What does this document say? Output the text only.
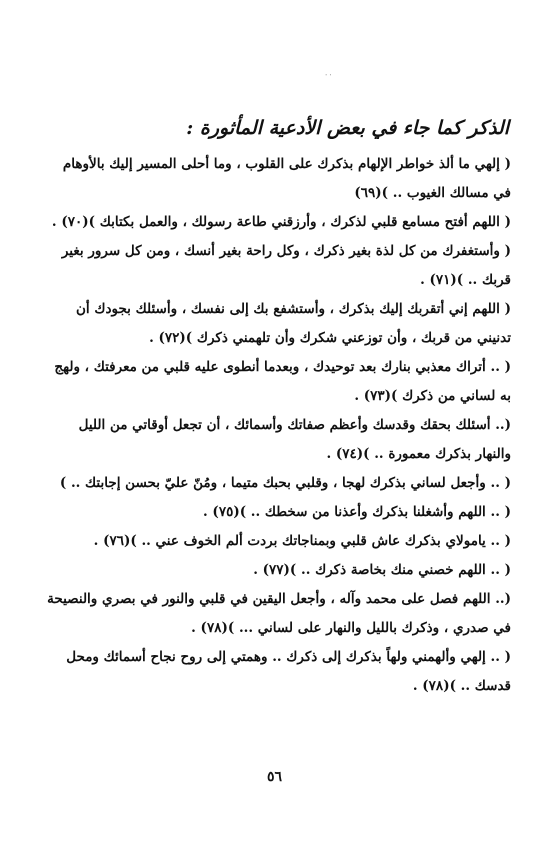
٠٠
الذكر كما جاء في بعض الأدعية المأثورة :
( إلهي ما ألذ خواطر الإلهام بذكرك على القلوب ، وما أحلى المسير إليك بالأوهام
في مسالك الغيوب .. )(٦٩)
( اللهم أفتح مسامع قلبي لذكرك ، وأرزقني طاعة رسولك ، والعمل بكتابك )(٧٠) .
( وأستغفرك من كل لذة بغير ذكرك ، وكل راحة بغير أنسك ، ومن كل سرور بغير
قربك .. )(٧١) .
( اللهم إني أتقربك إليك بذكرك ، وأستشفع بك إلى نفسك ، وأسئلك بجودك أن
تدنيني من قربك ، وأن توزعني شكرك وأن تلهمني ذكرك )(٧٢) .
( .. أتراك معذبي بنارك بعد توحيدك ، وبعدما أنطوى عليه قلبي من معرفتك ، ولهج
به لساني من ذكرك )(٧٣) .
(.. أسئلك بحقك وقدسك وأعظم صفاتك وأسمائك ، أن تجعل أوقاتي من الليل
والنهار بذكرك معمورة .. )(٧٤) .
( .. وأجعل لساني بذكرك لهجا ، وقلبي بحبك متيما ، ومُنّ عليّ بحسن إجابتك .. )
( .. اللهم وأشغلنا بذكرك وأعذنا من سخطك .. )(٧٥) .
( .. يامولاي بذكرك عاش قلبي وبمناجاتك بردت ألم الخوف عني .. )(٧٦) .
( .. اللهم خصني منك بخاصة ذكرك .. )(٧٧) .
(.. اللهم فصل على محمد وآله ، وأجعل اليقين في قلبي والنور في بصري والنصيحة
في صدري ، وذكرك بالليل والنهار على لساني ... )(٧٨) .
( .. إلهي وألهمني ولهاً بذكرك إلى ذكرك .. وهمتي إلى روح نجاح أسمائك ومحل
قدسك .. )(٧٨) .
٥٦
